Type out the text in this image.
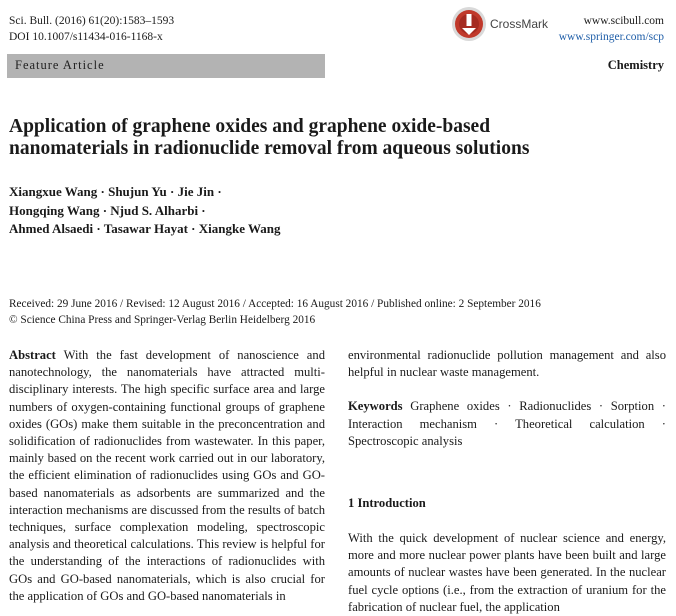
Sci. Bull. (2016) 61(20):1583–1593
DOI 10.1007/s11434-016-1168-x
CrossMark	www.scibull.com
www.springer.com/scp
Feature Article	Chemistry
Application of graphene oxides and graphene oxide-based
nanomaterials in radionuclide removal from aqueous solutions
Xiangxue Wang · Shujun Yu · Jie Jin ·
Hongqing Wang · Njud S. Alharbi ·
Ahmed Alsaedi · Tasawar Hayat · Xiangke Wang
Received: 29 June 2016 / Revised: 12 August 2016 / Accepted: 16 August 2016 / Published online: 2 September 2016
© Science China Press and Springer-Verlag Berlin Heidelberg 2016

Abstract With the fast development of nanoscience and nanotechnology, the nanomaterials have attracted multi-disciplinary interests. The high specific surface area and large numbers of oxygen-containing functional groups of graphene oxides (GOs) make them suitable in the preconcentration and solidification of radionuclides from wastewater. In this paper, mainly based on the recent work carried out in our laboratory, the efficient elimination of radionuclides using GOs and GO-based nanomaterials as adsorbents are summarized and the interaction mechanisms are discussed from the results of batch techniques, surface complexation modeling, spectroscopic analysis and theoretical calculations. This review is helpful for the understanding of the interactions of radionuclides with GOs and GO-based nanomaterials, which is also crucial for the application of GOs and GO-based nanomaterials in

environmental radionuclide pollution management and also helpful in nuclear waste management.

Keywords Graphene oxides · Radionuclides · Sorption · Interaction mechanism · Theoretical calculation · Spectroscopic analysis

1 Introduction
With the quick development of nuclear science and energy, more and more nuclear power plants have been built and large amounts of nuclear wastes have been generated. In the nuclear fuel cycle options (i.e., from the extraction of uranium for the fabrication of nuclear fuel, the application
